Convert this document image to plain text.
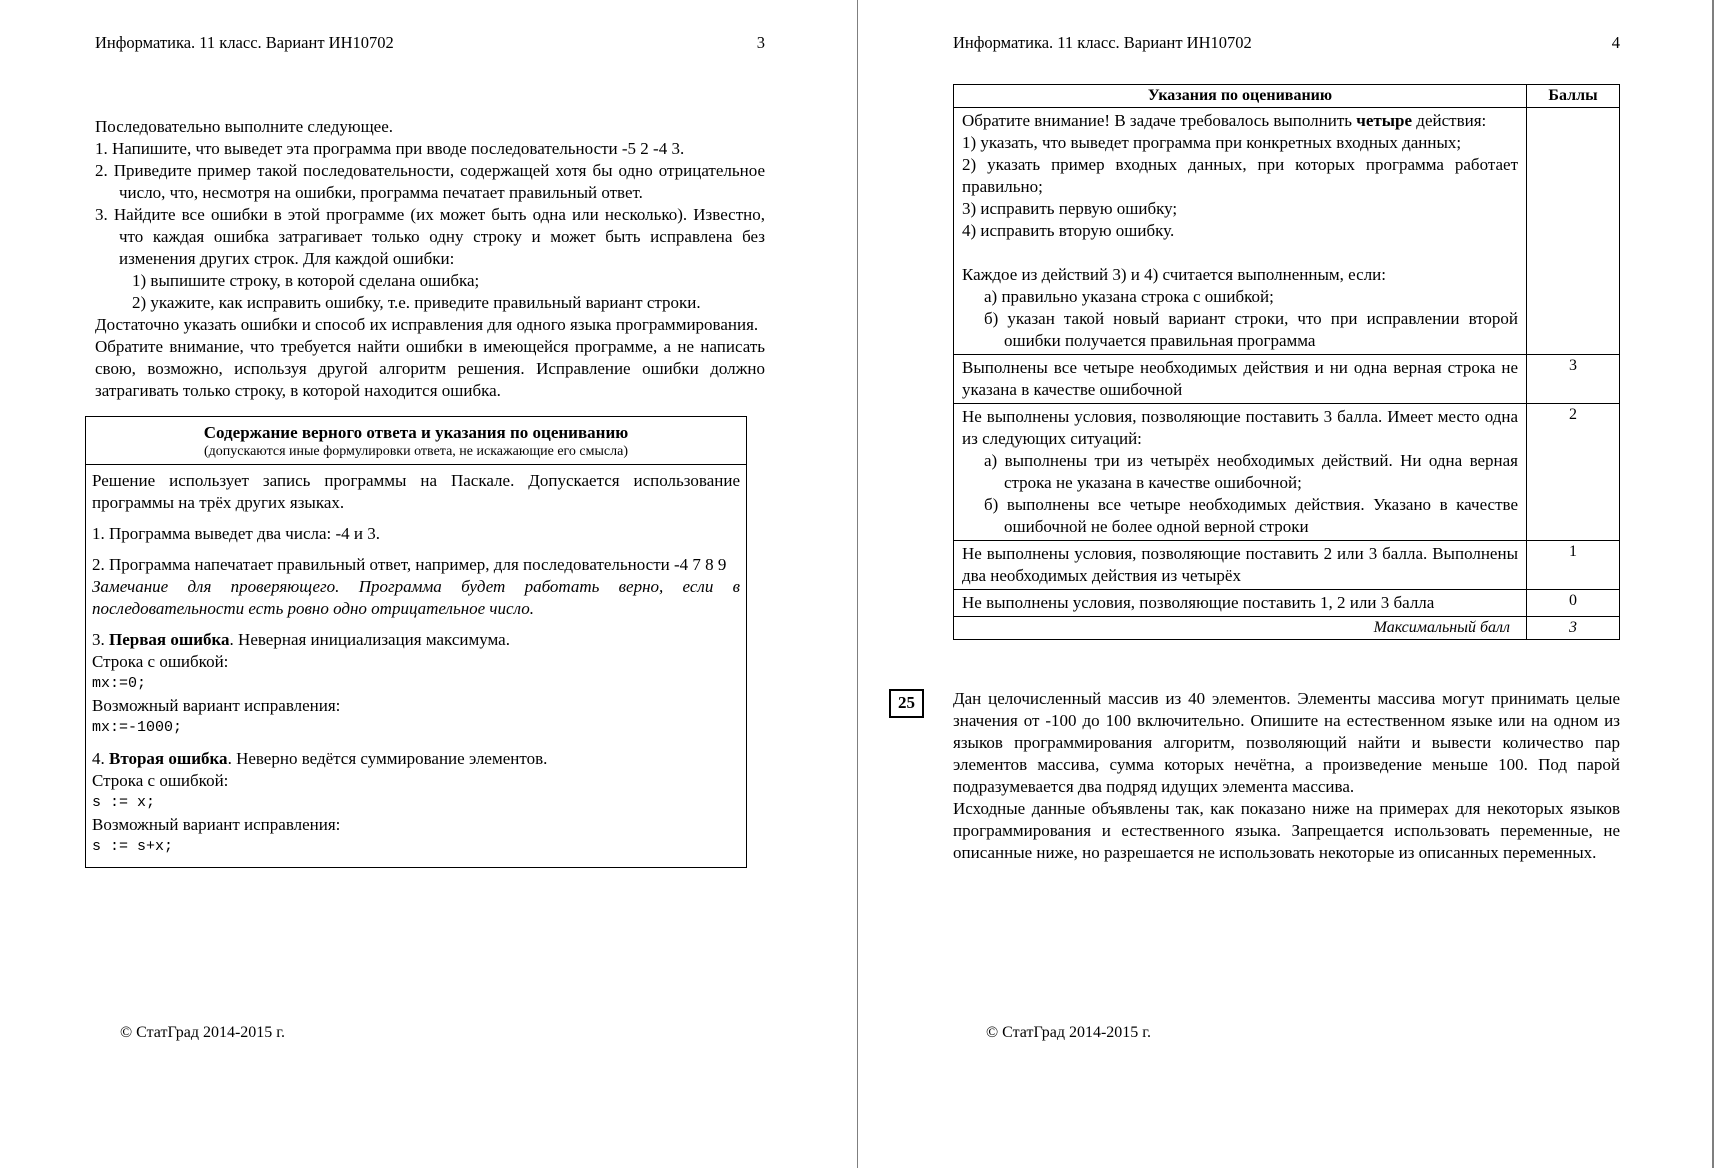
Информатика. 11 класс. Вариант ИН10702	3

Последовательно выполните следующее.

1. Напишите, что выведет эта программа при вводе последовательности -5 2 -4 3.

2. Приведите пример такой последовательности, содержащей хотя бы одно отрицательное число, что, несмотря на ошибки, программа печатает правильный ответ.

3. Найдите все ошибки в этой программе (их может быть одна или несколько). Известно, что каждая ошибка затрагивает только одну строку и может быть исправлена без изменения других строк. Для каждой ошибки:

1) выпишите строку, в которой сделана ошибка;

2) укажите, как исправить ошибку, т.е. приведите правильный вариант строки.

Достаточно указать ошибки и способ их исправления для одного языка программирования.

Обратите внимание, что требуется найти ошибки в имеющейся программе, а не написать свою, возможно, используя другой алгоритм решения. Исправление ошибки должно затрагивать только строку, в которой находится ошибка.

Содержание верного ответа и указания по оцениванию
(допускаются иные формулировки ответа, не искажающие его смысла)

Решение использует запись программы на Паскале. Допускается использование программы на трёх других языках.

1. Программа выведет два числа: -4 и 3.

2. Программа напечатает правильный ответ, например, для последовательности -4 7 8 9

Замечание для проверяющего. Программа будет работать верно, если в последовательности есть ровно одно отрицательное число.

3. Первая ошибка. Неверная инициализация максимума.

Строка с ошибкой:

mx:=0;

Возможный вариант исправления:

mx:=-1000;

4. Вторая ошибка. Неверно ведётся суммирование элементов.

Строка с ошибкой:

s := x;

Возможный вариант исправления:

s := s+x;

© СтатГрад 2014-2015 г.
Информатика. 11 класс. Вариант ИН10702	4
Указания по оцениванию	Баллы

Обратите внимание! В задаче требовалось выполнить четыре действия:

1) указать, что выведет программа при конкретных входных данных;

2) указать пример входных данных, при которых программа работает правильно;

3) исправить первую ошибку;

4) исправить вторую ошибку.

Каждое из действий 3) и 4) считается выполненным, если:

а) правильно указана строка с ошибкой;

б) указан такой новый вариант строки, что при исправлении второй ошибки получается правильная программа

Выполнены все четыре необходимых действия и ни одна верная строка не указана в качестве ошибочной	3

Не выполнены условия, позволяющие поставить 3 балла. Имеет место одна из следующих ситуаций:

а) выполнены три из четырёх необходимых действий. Ни одна верная строка не указана в качестве ошибочной;

б) выполнены все четыре необходимых действия. Указано в качестве ошибочной не более одной верной строки	2

Не выполнены условия, позволяющие поставить 2 или 3 балла. Выполнены два необходимых действия из четырёх	1

Не выполнены условия, позволяющие поставить 1, 2 или 3 балла	0
Максимальный балл	3
25	Дан целочисленный массив из 40 элементов. Элементы массива могут принимать целые значения от -100 до 100 включительно. Опишите на естественном языке или на одном из языков программирования алгоритм, позволяющий найти и вывести количество пар элементов массива, сумма которых нечётна, а произведение меньше 100. Под парой подразумевается два подряд идущих элемента массива.

Исходные данные объявлены так, как показано ниже на примерах для некоторых языков программирования и естественного языка. Запрещается использовать переменные, не описанные ниже, но разрешается не использовать некоторые из описанных переменных.

© СтатГрад 2014-2015 г.
